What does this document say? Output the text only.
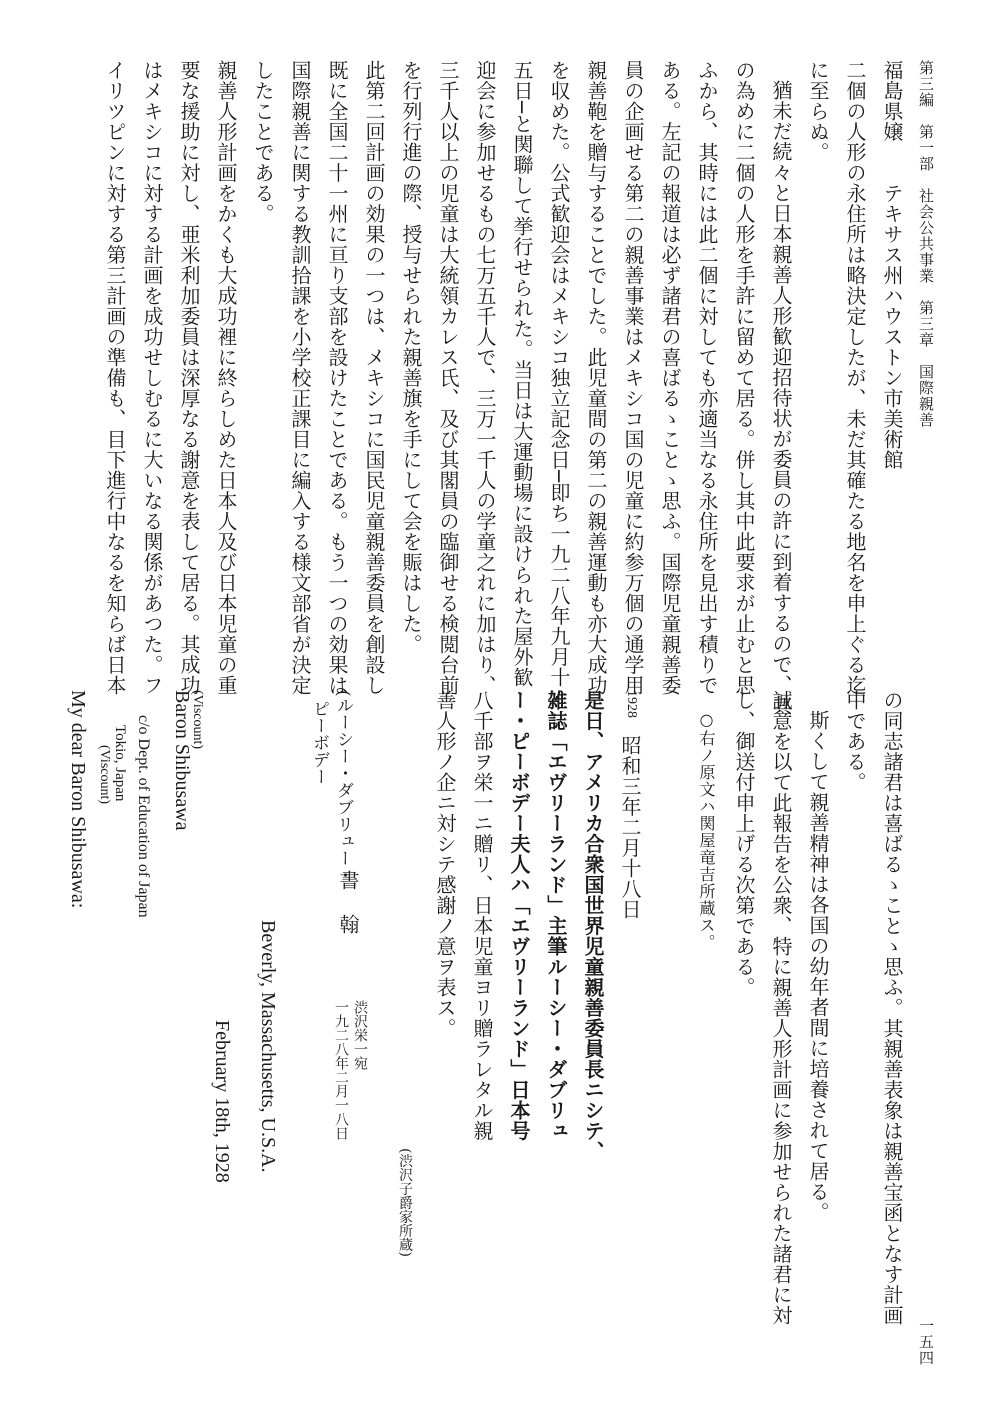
第三編　第一部　社会公共事業　第三章　国際親善
一五四
福島県嬢　　テキサス州ハウストン市美術館
二個の人形の永住所は略決定したが、未だ其確たる地名を申上ぐる迄
に至らぬ。
猶未だ続々と日本親善人形歓迎招待状が委員の許に到着するので、其
の為めに二個の人形を手許に留めて居る。併し其中此要求が止むと思
ふから、其時には此二個に対しても亦適当なる永住所を見出す積りで
ある。左記の報道は必ず諸君の喜ばるゝことゝ思ふ。国際児童親善委
員の企画せる第二の親善事業はメキシコ国の児童に約参万個の通学用
親善鞄を贈与することでした。此児童間の第二の親善運動も亦大成功
を収めた。公式歓迎会はメキシコ独立記念日─即ち一九二八年九月十
五日─と関聯して挙行せられた。当日は大運動場に設けられた屋外歓
迎会に参加せるもの七万五千人で、三万一千人の学童之れに加はり、
三千人以上の児童は大統領カレス氏、及び其閣員の臨御せる検閲台前
を行列行進の際、授与せられた親善旗を手にして会を賑はした。
此第二回計画の効果の一つは、メキシコに国民児童親善委員を創設し
既に全国二十一州に亘り支部を設けたことである。もう一つの効果は
国際親善に関する教訓拾課を小学校正課目に編入する様文部省が決定
したことである。
親善人形計画をかくも大成功裡に終らしめた日本人及び日本児童の重
要な援助に対し、亜米利加委員は深厚なる謝意を表して居る。其成功
はメキシコに対する計画を成功せしむるに大いなる関係があつた。フ
イリツピンに対する第三計画の準備も、目下進行中なるを知らば日本
の同志諸君は喜ばるゝことゝ思ふ。其親善表象は親善宝函となす計画
中である。
斯くして親善精神は各国の幼年者間に培養されて居る。
誠意を以て此報告を公衆、特に親善人形計画に参加せられた諸君に対
し、御送付申上げる次第である。
○右ノ原文ハ関屋竜吉所蔵ス。
1928
昭和三年二月十八日
是日、アメリカ合衆国世界児童親善委員長ニシテ、
雑誌「エヴリーランド」主筆ルーシー・ダブリュ
ー・ピーボデー夫人ハ「エヴリーランド」日本号
八千部ヲ栄一ニ贈リ、日本児童ヨリ贈ラレタル親
善人形ノ企ニ対シテ感謝ノ意ヲ表ス。
(渋沢子爵家所蔵)
渋沢栄一宛
一九二八年二月一八日
書　翰
(ルーシー・ダブリュー・
ピーボデー
Beverly, Massachusetts, U.S.A.
February 18th, 1928
(Viscount)
Baron Shibusawa
c/o Dept. of Education of Japan
Tokio, Japan
(Viscount)
My dear Baron Shibusawa:
